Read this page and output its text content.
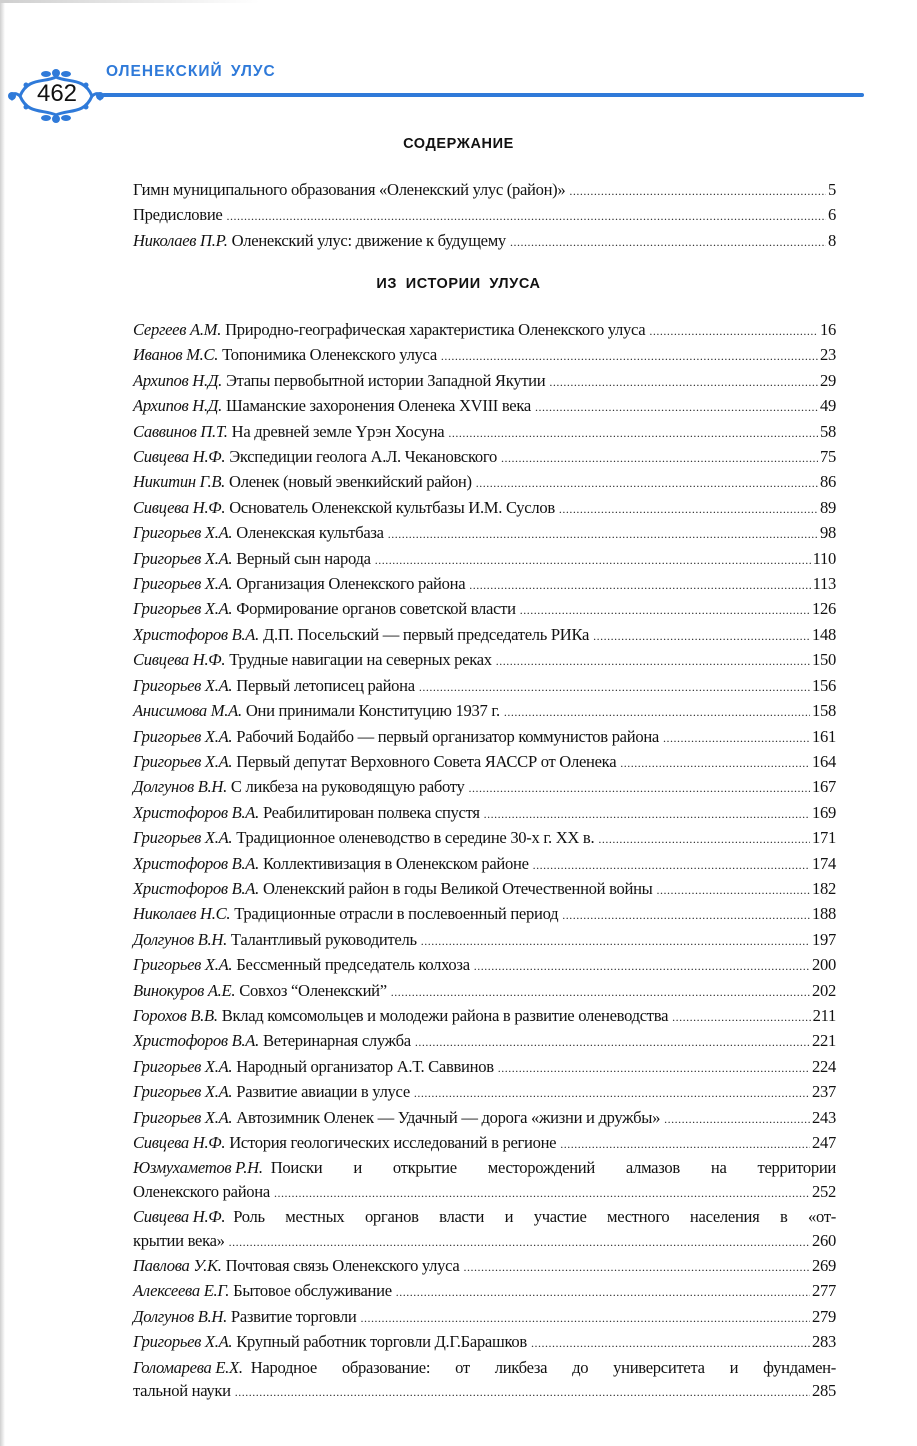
462
ОЛЕНЕКСКИЙ УЛУС
СОДЕРЖАНИЕ
Гимн муниципального образования «Оленекский улус (район)» .....	5
Предисловие .....	6
Николаев П.Р. Оленекский улус: движение к будущему .....	8
ИЗ ИСТОРИИ УЛУСА
Сергеев А.М. Природно-географическая характеристика Оленекского улуса .....	16
Иванов М.С. Топонимика Оленекского улуса .....	23
Архипов Н.Д. Этапы первобытной истории Западной Якутии .....	29
Архипов Н.Д. Шаманские захоронения Оленека XVIII века .....	49
Саввинов П.Т. На древней земле Үрэн Хосуна .....	58
Сивцева Н.Ф. Экспедиции геолога А.Л. Чекановского .....	75
Никитин Г.В. Оленек (новый эвенкийский район) .....	86
Сивцева Н.Ф. Основатель Оленекской культбазы И.М. Суслов .....	89
Григорьев Х.А. Оленекская культбаза .....	98
Григорьев Х.А. Верный сын народа .....	110
Григорьев Х.А. Организация Оленекского района .....	113
Григорьев Х.А. Формирование органов советской власти .....	126
Христофоров В.А. Д.П. Посельский — первый председатель РИКа .....	148
Сивцева Н.Ф. Трудные навигации на северных реках .....	150
Григорьев Х.А. Первый летописец района .....	156
Анисимова М.А. Они принимали Конституцию 1937 г. .....	158
Григорьев Х.А. Рабочий Бодайбо — первый организатор коммунистов района .....	161
Григорьев Х.А. Первый депутат Верховного Совета ЯАССР от Оленека .....	164
Долгунов В.Н. С ликбеза на руководящую работу .....	167
Христофоров В.А. Реабилитирован полвека спустя .....	169
Григорьев Х.А. Традиционное оленеводство в середине 30-х г. XX в. .....	171
Христофоров В.А. Коллективизация в Оленекском районе .....	174
Христофоров В.А. Оленекский район в годы Великой Отечественной войны .....	182
Николаев Н.С. Традиционные отрасли в послевоенный период .....	188
Долгунов В.Н. Талантливый руководитель .....	197
Григорьев Х.А. Бессменный председатель колхоза .....	200
Винокуров А.Е. Совхоз “Оленекский” .....	202
Горохов В.В. Вклад комсомольцев и молодежи района в развитие оленеводства .....	211
Христофоров В.А. Ветеринарная служба .....	221
Григорьев Х.А. Народный организатор А.Т. Саввинов .....	224
Григорьев Х.А. Развитие авиации в улусе .....	237
Григорьев Х.А. Автозимник Оленек — Удачный — дорога «жизни и дружбы» .....	243
Сивцева Н.Ф. История геологических исследований в регионе .....	247
Юзмухаметов Р.Н. Поиски и открытие месторождений алмазов на территории
Оленекского района .....	252
Сивцева Н.Ф. Роль местных органов власти и участие местного населения в «от-
крытии века» .....	260
Павлова У.К. Почтовая связь Оленекского улуса .....	269
Алексеева Е.Г. Бытовое обслуживание .....	277
Долгунов В.Н. Развитие торговли .....	279
Григорьев Х.А. Крупный работник торговли Д.Г.Барашков .....	283
Голомарева Е.Х. Народное образование: от ликбеза до университета и фундамен-
тальной науки .....	285
